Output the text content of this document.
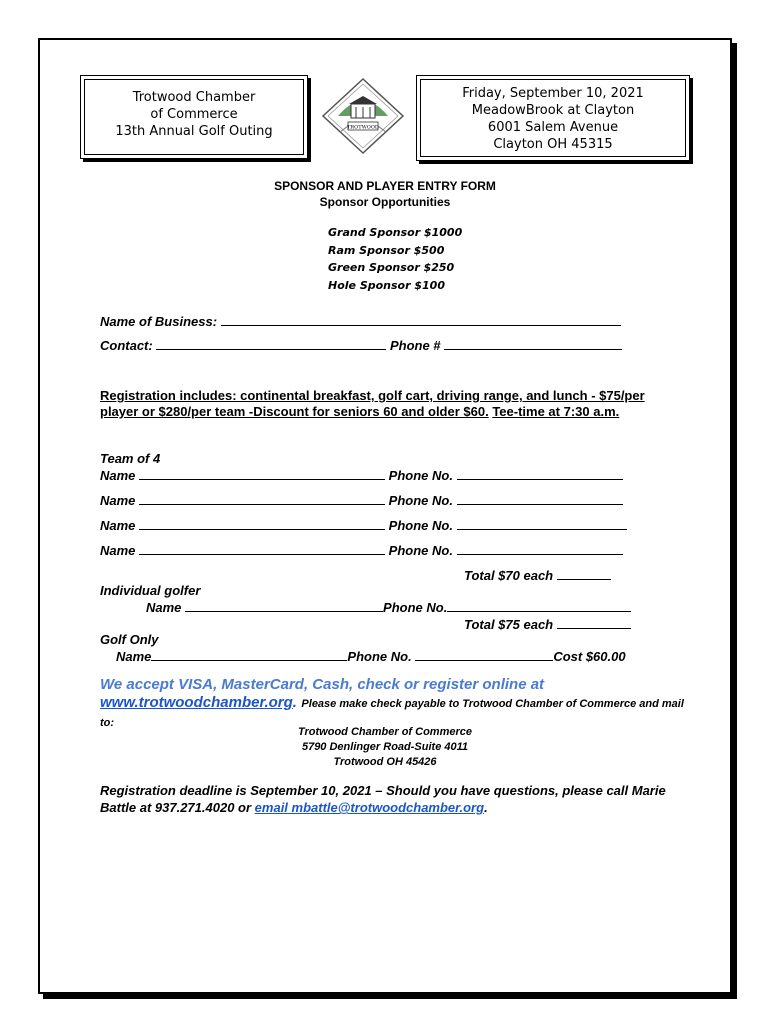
Trotwood Chamber
of Commerce
13th Annual Golf Outing	TROTWOOD
Friday, September 10, 2021
MeadowBrook at Clayton
6001 Salem Avenue
Clayton OH 45315
SPONSOR AND PLAYER ENTRY FORM
Sponsor Opportunities
Grand Sponsor $1000
Ram Sponsor $500
Green Sponsor $250
Hole Sponsor $100
Name of Business:
Contact:	Phone #
Registration includes: continental breakfast, golf cart, driving range, and lunch - $75/per player or $280/per team -Discount for seniors 60 and older $60. Tee-time at 7:30 a.m.
Team of 4
Name	Phone No.
Name	Phone No.
Name	Phone No.
Name	Phone No.
Total $70 each
Individual golfer
Name	Phone No.
Total $75 each
Golf Only
Name	Phone No.	Cost $60.00
We accept VISA, MasterCard, Cash, check or register online at
www.trotwoodchamber.org. Please make check payable to Trotwood Chamber of Commerce and mail to:
Trotwood Chamber of Commerce
5790 Denlinger Road-Suite 4011
Trotwood OH 45426
Registration deadline is September 10, 2021 – Should you have questions, please call Marie Battle at 937.271.4020 or email mbattle@trotwoodchamber.org.
